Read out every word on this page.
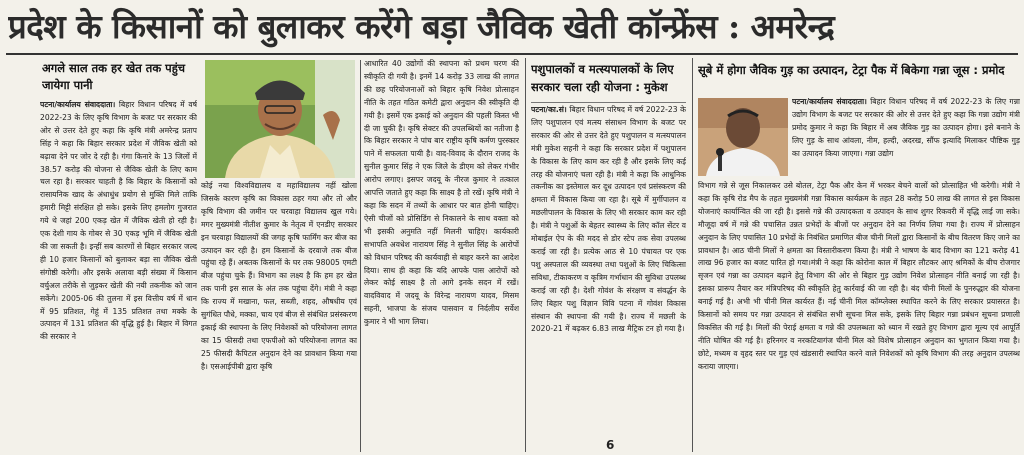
प्रदेश के किसानों को बुलाकर करेंगे बड़ा जैविक खेती कॉन्फ्रेंस : अमरेन्द्र
अगले साल तक हर खेत तक पहुंच जायेगा पानी
पटना/कार्यालय संवाददाता। बिहार विधान परिषद में वर्ष 2022-23 के लिए कृषि विभाग के बजट पर सरकार की ओर से उत्तर देते हुए कहा कि कृषि मंत्री अमरेन्द्र प्रताप सिंह ने कहा कि बिहार सरकार प्रदेश में जैविक खेती को बढ़ावा देने पर जोर दे रही है। गंगा किनारे के 13 जिलों में 38.57 करोड़ की योजना से जैविक खेती के लिए काम चल रहा है। सरकार चाहती है कि बिहार के किसानों को रासायनिक खाद के अंधाधुंध प्रयोग से मुक्ति मिले ताकि हमारी मिट्टी संरक्षित हो सके। इसके लिए हमलोग गुजरात गये थे जहां 200 एकड़ खेत में जैविक खेती हो रही है। एक देशी गाय के गोबर से 30 एकड़ भूमि में जैविक खेती की जा सकती है। इन्हीं सब कारणों से बिहार सरकार जल्द ही 10 हजार किसानों को बुलाकर बड़ा सा जैविक खेती संगोष्ठी करेगी। और इसके अलावा बड़ी संख्या में किसान वर्चुअल तरीके से जुड़कर खेती की नयी तकनीक को जान सकेंगे। 2005-06 की तुलना में इस वित्तीय वर्ष में धान में 95 प्रतिशत, गेहूं में 135 प्रतिशत तथा मक्के के उत्पादन में 131 प्रतिशत की वृद्धि हुई है। बिहार में विगत की सरकार ने
कोई नया विश्वविद्यालय व महाविद्यालय नहीं खोला जिसके कारण कृषि का विकास ठहर गया और तो और कृषि विभाग की जमीन पर चरवाहा विद्यालय खुल गये। मगर मुख्यमंत्री नीतीश कुमार के नेतृत्व में एनडीए सरकार इन चरवाहा विद्यालयों की जगह कृषि फार्मिंग कर बीज का उत्पादन कर रही है। हम किसानों के दरवाजे तक बीज पहुंचा रहे हैं। अबतक किसानों के घर तक 98005 एमटी बीज पहुंचा चुके हैं। विभाग का लक्ष्य है कि हम हर खेत तक पानी इस साल के अंत तक पहुंचा देंगे। मंत्री ने कहा कि राज्य में मखाना, फल, सब्जी, शहद, औषधीय एवं सुगंधित पौधे, मक्का, चाय एवं बीज से संबंधित प्रसंस्करण इकाई की स्थापना के लिए निवेशकों को परियोजना लागत का 15 फीसदी तथा एफपीओ को परियोजना लागत का 25 फीसदी कैपिटल अनुदान देने का प्रावधान किया गया है। एसआईपीबी द्वारा कृषि
आधारित 40 उद्योगों की स्थापना को प्रथम चरण की स्वीकृति दी गयी है। इनमें 14 करोड़ 33 लाख की लागत की छह परियोजनाओं को बिहार कृषि निवेश प्रोत्साहन नीति के तहत गठित कमेटी द्वारा अनुदान की स्वीकृति दी गयी है। इसमें एक इकाई को अनुदान की पहली किस्त भी दी जा चुकी है। कृषि सेक्टर की उपलब्धियों का नतीजा है कि बिहार सरकार ने पांच बार राष्ट्रीय कृषि कर्मण पुरस्कार पाने में सफलता पायी है। वाद-विवाद के दौरान राजद के सुनील कुमार सिंह ने एक जिले के डीएम को लेकर गंभीर आरोप लगाए। इसपर जदयू के नीरज कुमार ने तत्काल आपत्ति जताते हुए कहा कि साक्ष्य है तो रखें। कृषि मंत्री ने कहा कि सदन में तथ्यों के आधार पर बात होनी चाहिए। ऐसी चीजों को प्रोसिडिंग से निकालने के साथ वक्ता को भी इसकी अनुमति नहीं मिलनी चाहिए। कार्यकारी सभापति अवधेश नारायण सिंह ने सुनील सिंह के आरोपों को विधान परिषद की कार्यवाही से बाहर करने का आदेश दिया। साथ ही कहा कि यदि आपके पास आरोपों को लेकर कोई साक्ष्य है तो आगे इनके सदन में रखें। वादविवाद में जदयू के विरेन्द्र नारायण यादव, मिसम सहनी, भाजपा के संजय पासवान व निर्दलीय सर्वेश कुमार ने भी भाग लिया।
पशुपालकों व मत्स्यपालकों के लिए सरकार चला रही योजना : मुकेश
पटना/का.सं। बिहार विधान परिषद में वर्ष 2022-23 के लिए पशुपालन एवं मत्स्य संसाधन विभाग के बजट पर सरकार की ओर से उत्तर देते हुए पशुपालन व मत्स्यपालन मंत्री मुकेश सहनी ने कहा कि सरकार प्रदेश में पशुपालन के विकास के लिए काम कर रही है और इसके लिए कई तरह की योजनाएं चला रही है। मंत्री ने कहा कि आधुनिक तकनीक का इस्तेमाल कर दूध उत्पादन एवं प्रसंस्करण की क्षमता में विकास किया जा रहा है। सूबे में मुर्गीपालन व मछलीपालन के विकास के लिए भी सरकार काम कर रही है। मंत्री ने पशुओं के बेहतर स्वास्थ्य के लिए कॉल सेंटर व मोबाईल ऐप के की मदद से डोर स्टेप तक सेवा उपलब्ध कराई जा रही है। प्रत्येक आठ से 10 पंचायत पर एक पशु अस्पताल की व्यवस्था तथा पशुओं के लिए चिकित्सा सविधा, टीकाकरण व कृत्रिम गर्भाधान की सुविधा उपलब्ध कराई जा रही है। देशी गोवंश के संरक्षण व संवर्द्धन के लिए बिहार पशु विज्ञान विवि पटना में गोवंश विकास संस्थान की स्थापना की गयी है। राज्य में मछली के 2020-21 में बढ़कर 6.83 लाख मैट्रिक टन हो गया है।
6
सूबे में होगा जैविक गुड़ का उत्पादन, टेट्रा पैक में बिकेगा गन्ना जूस : प्रमोद
पटना/कार्यालय संवाददाता। बिहार विधान परिषद में वर्ष 2022-23 के लिए गन्ना उद्योग विभाग के बजट पर सरकार की ओर से उत्तर देते हुए कहा कि गन्ना उद्योग मंत्री प्रमोद कुमार ने कहा कि बिहार में अब जैविक गुड़ का उत्पादन होगा। इसे बनाने के लिए गुड़ के साथ आंवला, नीम, हल्दी, अदरख, सौंफ इत्यादि मिलाकर पौष्टिक गुड़ का उत्पादन किया जाएगा। गन्ना उद्योग
विभाग गन्ने से जूस निकालकर उसे बोतल, टेट्रा पैक और केन में भरकर बेचने वालों को प्रोत्साहित भी करेगी। मंत्री ने कहा कि कृषि रोड मैप के तहत मुख्यमंत्री गन्ना विकास कार्यक्रम के तहत 28 करोड़ 50 लाख की लागत से इस विकास योजनाएं कार्यान्वित की जा रही है। इससे गन्ने की उत्पादकता व उत्पादन के साथ शुगर रिकवरी में वृद्धि लाई जा सके। मौजूदा वर्ष में गन्ने की पचासित उन्नत प्रभेदों के बीजों पर अनुदान देने का निर्णय लिया गया है। राज्य में प्रोत्साहन अनुदान के लिए पचासित 10 प्रभेदों के निबंधित प्रमाणित बीज चीनी मिलों द्वारा किसानों के बीच वितरण किए जाने का प्रावधान है। आठ चीनी मिलों ने क्षमता का विस्तारीकरण किया है। मंत्री ने भाषण के बाद विभाग का 121 करोड़ 41 लाख 96 हजार का बजट पारित हो गया।मंत्री ने कहा कि कोरोना काल में बिहार लौटकर आए श्रमिकों के बीच रोजगार सृजन एवं गन्ना का उत्पादन बढ़ाने हेतु विभाग की ओर से बिहार गुड़ उद्योग निवेश प्रोत्साहन नीति बनाई जा रही है। इसका प्रारूप तैयार कर मंत्रिपरिषद की स्वीकृति हेतु कार्रवाई की जा रही है। बंद चीनी मिलों के पुनरुद्धार की योजना बनाई गई है। अभी भी चीनी मिल कार्यरत हैं। नई चीनी मिल कॉम्प्लेक्स स्थापित करने के लिए सरकार प्रयासरत है। किसानों को समय पर गन्ना उत्पादन से संबंधित सभी सूचना मिल सके, इसके लिए बिहार गन्ना प्रबंधन सूचना प्रणाली विकसित की गई है। मिलों की पेराई क्षमता व गन्ने की उपलब्धता को ध्यान में रखते हुए विभाग द्वारा मूल्य एवं आपूर्ति नीति घोषित की गई है। हरिनगर व नरकटियागंज चीनी मिल को विशेष प्रोत्साहन अनुदान का भुगतान किया गया है। छोटे, मध्यम व वृहद स्तर पर गुड़ एवं खंडसारी स्थापित करने वाले निवेशकों को कृषि विभाग की तरह अनुदान उपलब्ध कराया जाएगा।
